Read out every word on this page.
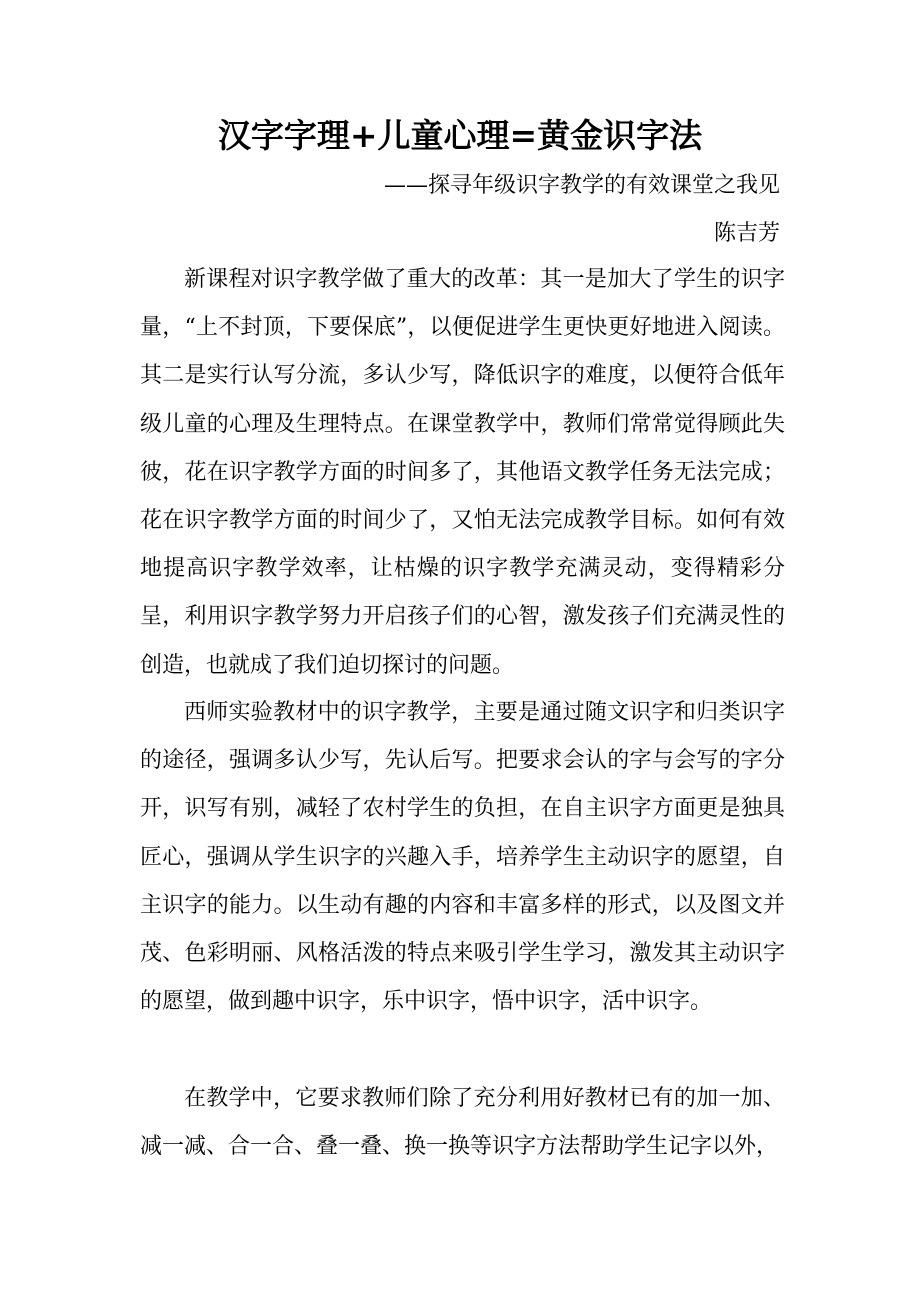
汉字字理+儿童心理=黄金识字法

——探寻年级识字教学的有效课堂之我见

陈吉芳

新课程对识字教学做了重大的改革：其一是加大了学生的识字量，“上不封顶，下要保底”，以便促进学生更快更好地进入阅读。其二是实行认写分流，多认少写，降低识字的难度，以便符合低年级儿童的心理及生理特点。在课堂教学中，教师们常常觉得顾此失彼，花在识字教学方面的时间多了，其他语文教学任务无法完成；花在识字教学方面的时间少了，又怕无法完成教学目标。如何有效地提高识字教学效率，让枯燥的识字教学充满灵动，变得精彩分呈，利用识字教学努力开启孩子们的心智，激发孩子们充满灵性的创造，也就成了我们迫切探讨的问题。

西师实验教材中的识字教学，主要是通过随文识字和归类识字的途径，强调多认少写，先认后写。把要求会认的字与会写的字分开，识写有别，减轻了农村学生的负担，在自主识字方面更是独具匠心，强调从学生识字的兴趣入手，培养学生主动识字的愿望，自主识字的能力。以生动有趣的内容和丰富多样的形式，以及图文并茂、色彩明丽、风格活泼的特点来吸引学生学习，激发其主动识字的愿望，做到趣中识字，乐中识字，悟中识字，活中识字。

在教学中，它要求教师们除了充分利用好教材已有的加一加、减一减、合一合、叠一叠、换一换等识字方法帮助学生记字以外，
